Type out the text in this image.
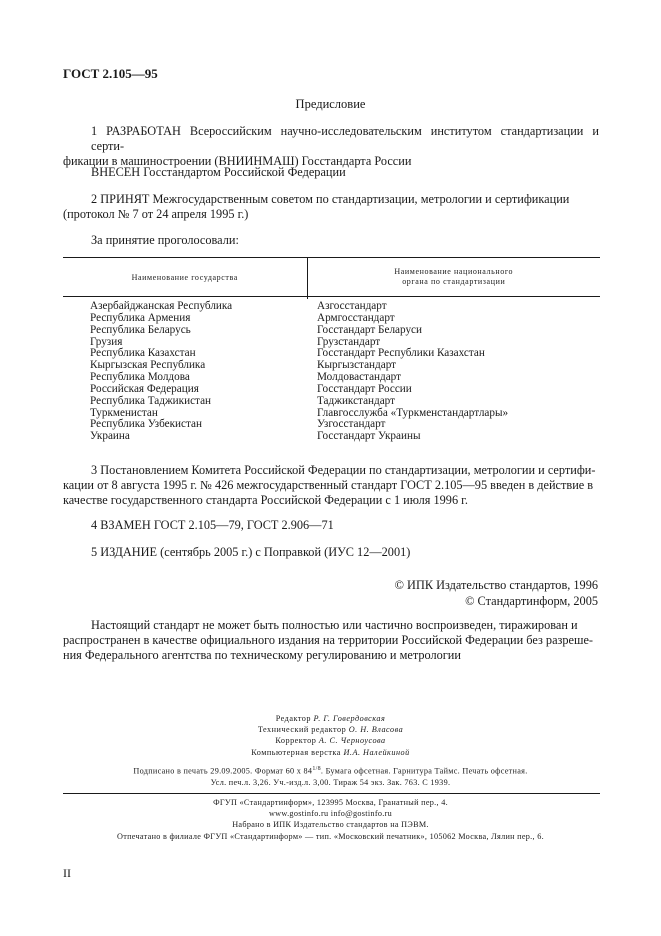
ГОСТ 2.105—95
Предисловие
1 РАЗРАБОТАН Всероссийским научно-исследовательским институтом стандартизации и серти-
фикации в машиностроении (ВНИИНМАШ) Госстандарта России
ВНЕСЕН Госстандартом Российской Федерации
2 ПРИНЯТ Межгосударственным советом по стандартизации, метрологии и сертификации
(протокол № 7 от 24 апреля 1995 г.)
За принятие проголосовали:
Наименование государства
Наименование национального
органа по стандартизации
Азербайджанская Республика
Республика Армения
Республика Беларусь
Грузия
Республика Казахстан
Кыргызская Республика
Республика Молдова
Российская Федерация
Республика Таджикистан
Туркменистан
Республика Узбекистан
Украина
Азгосстандарт
Армгосстандарт
Госстандарт Беларуси
Грузстандарт
Госстандарт Республики Казахстан
Кыргызстандарт
Молдовастандарт
Госстандарт России
Таджикстандарт
Главгосслужба «Туркменстандартлары»
Узгосстандарт
Госстандарт Украины
3 Постановлением Комитета Российской Федерации по стандартизации, метрологии и сертифи-
кации от 8 августа 1995 г. № 426 межгосударственный стандарт ГОСТ 2.105—95 введен в действие в
качестве государственного стандарта Российской Федерации с 1 июля 1996 г.
4 ВЗАМЕН ГОСТ 2.105—79, ГОСТ 2.906—71
5 ИЗДАНИЕ (сентябрь 2005 г.) с Поправкой (ИУС 12—2001)
© ИПК Издательство стандартов, 1996
© Стандартинформ, 2005
Настоящий стандарт не может быть полностью или частично воспроизведен, тиражирован и
распространен в качестве официального издания на территории Российской Федерации без разреше-
ния Федерального агентства по техническому регулированию и метрологии
Редактор Р. Г. Говердовская
Технический редактор О. Н. Власова
Корректор А. С. Черноусова
Компьютерная верстка И.А. Налейкиной
Подписано в печать 29.09.2005. Формат 60 х $84^{1/8}$. Бумага офсетная. Гарнитура Таймс. Печать офсетная.
Усл. печ.л. 3,26. Уч.-изд.л. 3,00. Тираж 54 экз. Зак. 763. С 1939.
ФГУП «Стандартинформ», 123995 Москва, Гранатный пер., 4.
www.gostinfo.ru info@gostinfo.ru
Набрано в ИПК Издательство стандартов на ПЭВМ.
Отпечатано в филиале ФГУП «Стандартинформ» — тип. «Московский печатник», 105062 Москва, Лялин пер., 6.
II
